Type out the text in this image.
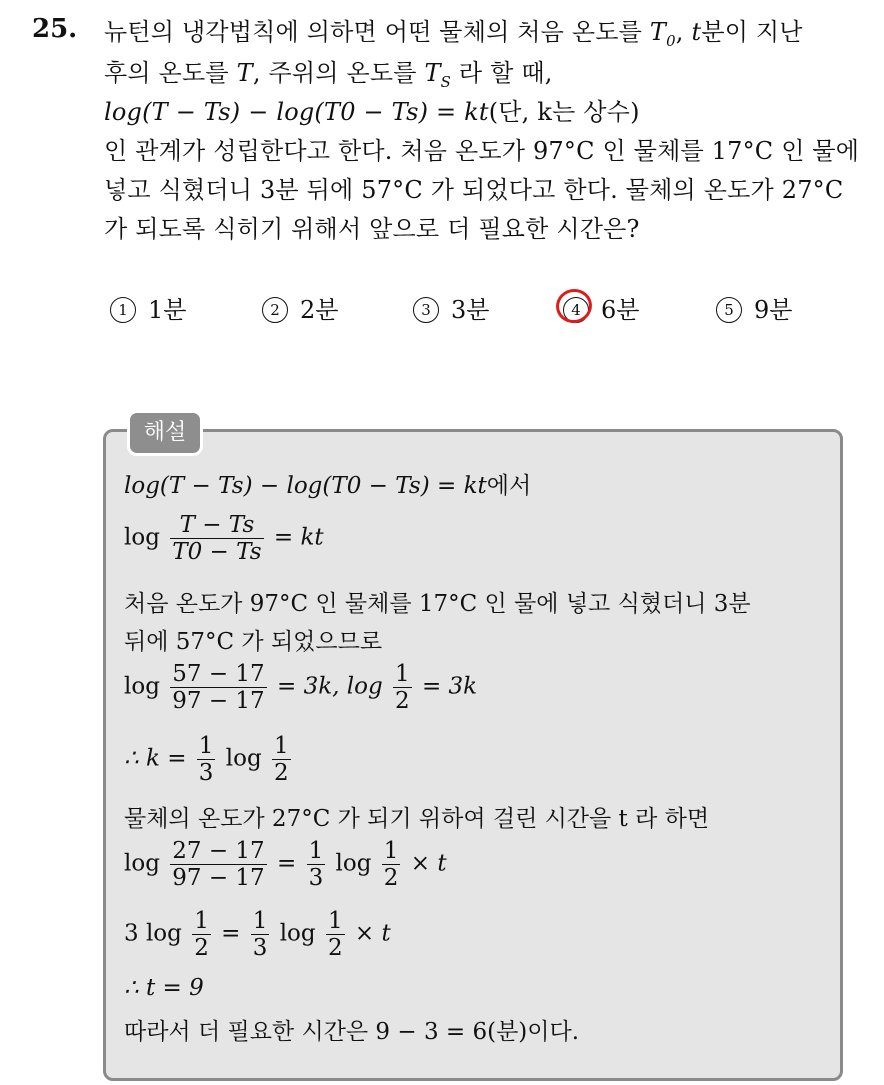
25. 뉴턴의 냉각법칙에 의하면 어떤 물체의 처음 온도를 $T_0$, t분이 지난
후의 온도를 T, 주위의 온도를 $T_S$ 라 할 때,
log(T − Ts) − log(T0 − Ts) = kt(단, k는 상수)
인 관계가 성립한다고 한다. 처음 온도가 97°C 인 물체를 17°C 인 물에
넣고 식혔더니 3분 뒤에 57°C 가 되었다고 한다. 물체의 온도가 27°C
가 되도록 식히기 위해서 앞으로 더 필요한 시간은?
1 1분	2 2분	3 3분	4 6분	5 9분
해설
log(T − Ts) − log(T0 − Ts) = kt에서
$\log \frac{T - Ts}{T0 - Ts}$ = kt
처음 온도가 97°C 인 물체를 17°C 인 물에 넣고 식혔더니 3분
뒤에 57°C 가 되었으므로
$\log \frac{57 - 17}{97 - 17} = 3k$, $\log \frac{1}{2} = 3k$
∴ $k = \frac{1}{3}$ $\log \frac{1}{2}$
물체의 온도가 27°C 가 되기 위하여 걸린 시간을 t 라 하면
$\log \frac{27 - 17}{97 - 17} = \frac{1}{3}$ $\log \frac{1}{2} \times t$
3 $\log \frac{1}{2} = \frac{1}{3}$ $\log \frac{1}{2} \times t$
∴ t = 9
따라서 더 필요한 시간은 9 − 3 = 6(분)이다.
